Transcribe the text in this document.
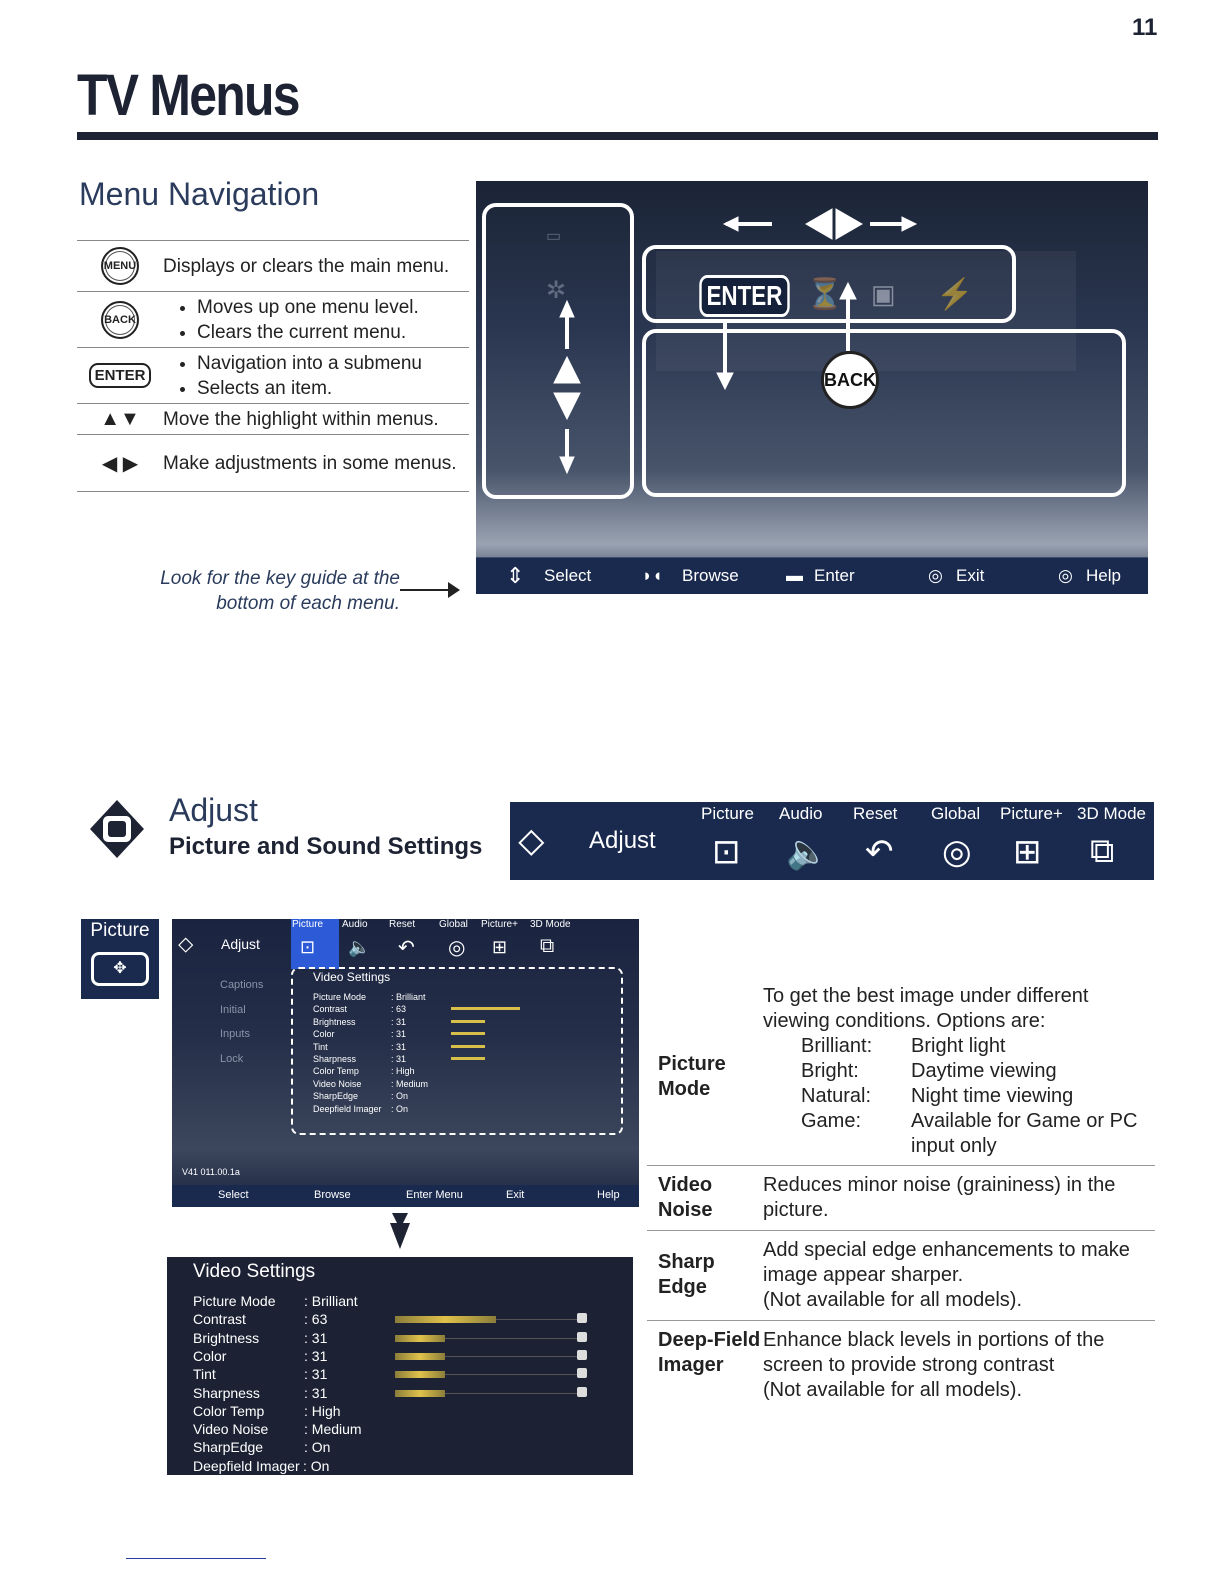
11
TV Menus
Menu Navigation
MENU Displays or clears the main menu.
BACK
• Moves up one menu level.
• Clears the current menu.
ENTER
• Navigation into a submenu
• Selects an item.
▲▼	Move the highlight within menus.
◀ ▶	Make adjustments in some menus.
Look for the key guide at the bottom of each menu.
▭
✲	⏳ ▣ ⚡
⇕ Select	◗◖ Browse	▬ Enter	◎ Exit	◎ Help
ENTER
BACK
Adjust
Picture and Sound Settings ⬦ Adjust
Picture Audio Reset Global Picture+ 3D Mode
⊡ 🔈 ↶ ◎ ⊞ ⧉
Picture
✥
⬦ Adjust
Picture Audio Reset Global Picture+ 3D Mode
⊡ 🔈 ↶ ◎ ⊞ ⧉
Captions
Initial
Inputs
Lock
Video Settings
Picture Mode	: Brilliant
Contrast	: 63
Brightness	: 31
Color	: 31
Tint	: 31
Sharpness	: 31
Color Temp	: High
Video Noise	: Medium
SharpEdge	: On
Deepfield Imager : On
V41 011.00.1a
Select	Browse	Enter Menu	Exit	Help
Video Settings
Picture Mode : Brilliant
Contrast	: 63
Brightness	: 31
Color	: 31
Tint	: 31
Sharpness	: 31
Color Temp	: High
Video Noise	: Medium
SharpEdge	: On
Deepfield Imager : On
Picture Mode
To get the best image under different viewing conditions. Options are:
Brilliant:	Bright light
Bright:	Daytime viewing
Natural:	Night time viewing
Game:	Available for Game or PC input only
Video Noise
Reduces minor noise (graininess) in the picture.
Sharp Edge
Add special edge enhancements to make image appear sharper.
(Not available for all models).
Deep-Field Imager
Enhance black levels in portions of the screen to provide strong contrast
(Not available for all models).
